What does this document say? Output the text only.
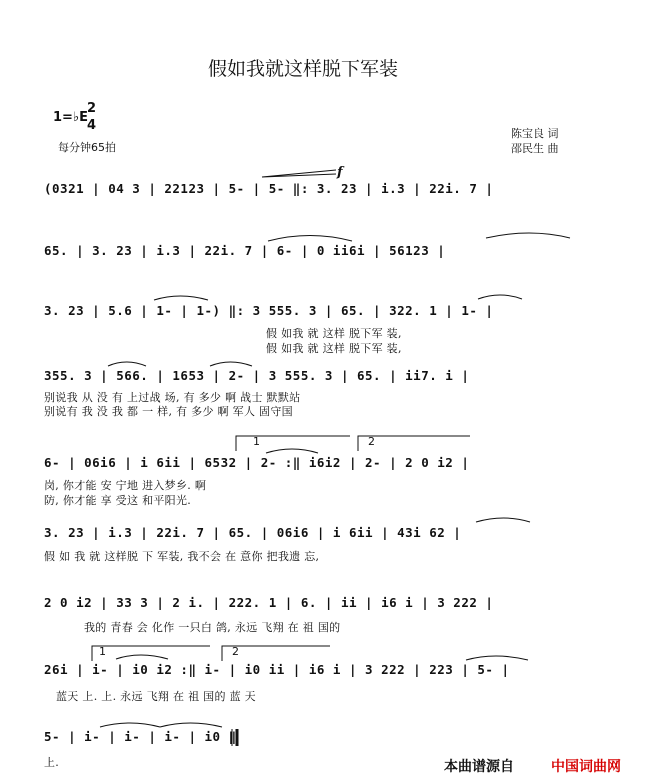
假如我就这样脱下军装
1=♭E
2
4
每分钟65拍
陈宝良 词
邵民生 曲
f
(0321 | 04 3 | 22123 | 5- | 5- ‖: 3. 23 | i.3 | 22i. 7 |
65. | 3. 23 | i.3 | 22i. 7 | 6- | 0 ii6i | 56123 |
3. 23 | 5.6 | 1- | 1-) ‖: 3 555. 3 | 65. | 322. 1 | 1- |
假 如我 就 这样 脱下军 装,
假 如我 就 这样 脱下军 装,
355. 3 | 566. | 1653 | 2- | 3 555. 3 | 65. | ii7. i |
别说我 从 没 有 上过战 场, 有 多少 啊 战士 默默站
别说有 我 没 我 都 一 样, 有 多少 啊 军人 固守国
1	2
6- | 06i6 | i 6ii | 6532 | 2- :‖ i6i2 | 2- | 2 0 i2 |
岗, 你才能 安 宁地 进入梦乡. 啊
防, 你才能 享 受这 和平阳光.
3. 23 | i.3 | 22i. 7 | 65. | 06i6 | i 6ii | 43i 62 |
假 如 我 就 这样脱 下 军装, 我不会 在 意你 把我遗 忘,
2 0 i2 | 33 3 | 2 i. | 222. 1 | 6. | ii | i6 i | 3 222 |
我的 青春 会 化作 一只白 鸽, 永远 飞翔 在 祖 国的
1	2
26i | i- | i0 i2 :‖ i- | i0 ii | i6 i | 3 222 | 223 | 5- |
蓝天 上. 上. 永远 飞翔 在 祖 国的 蓝 天
5- | i- | i- | i- | i0 ‖
上.	本曲谱源自	中国词曲网
